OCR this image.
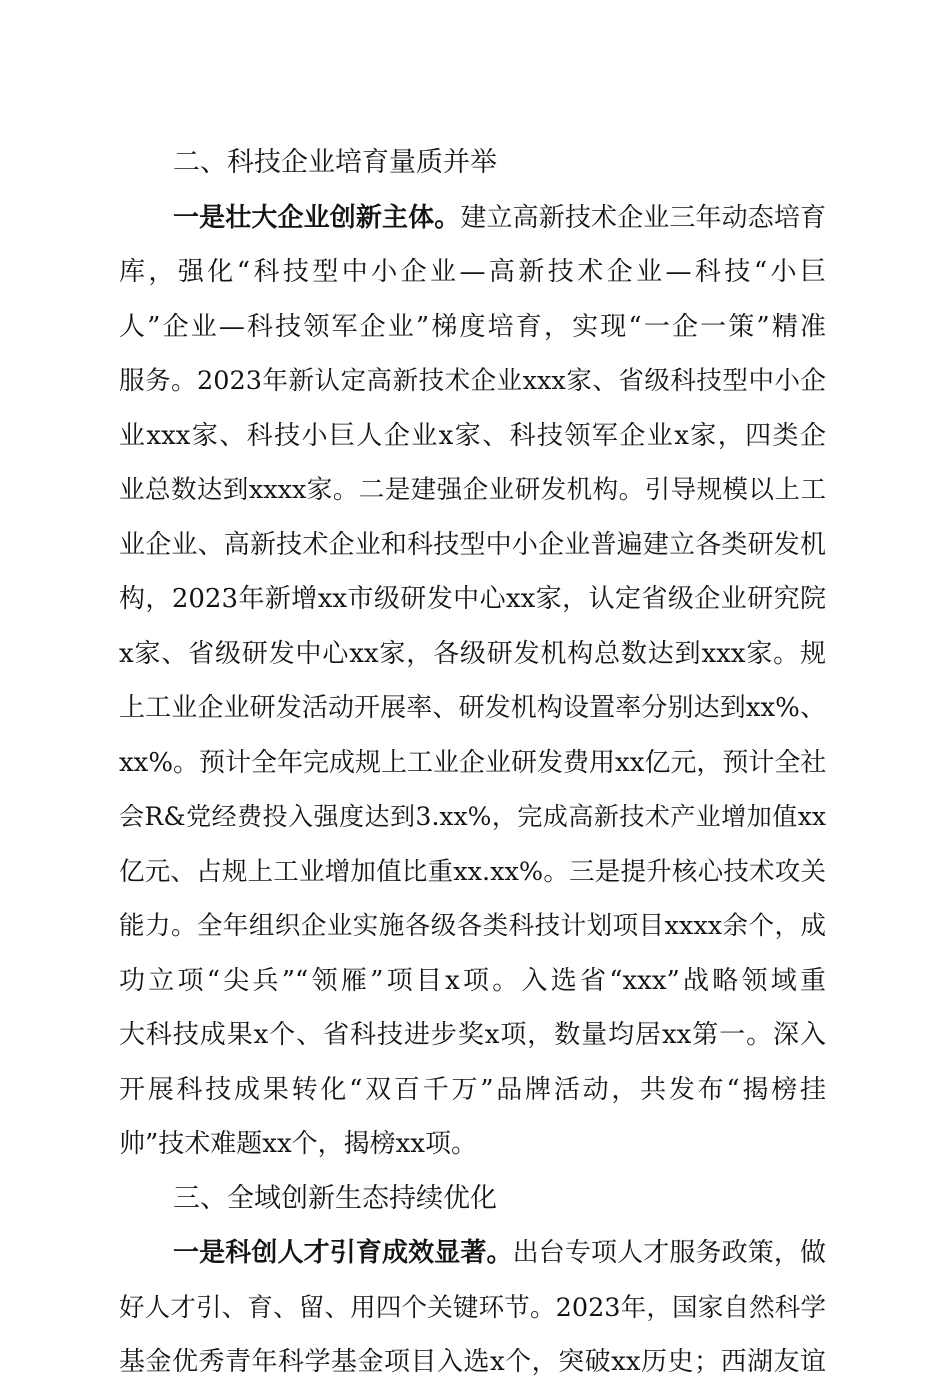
二、科技企业培育量质并举

一是壮大企业创新主体。建立高新技术企业三年动态培育
库，强化“科技型中小企业—高新技术企业—科技“小巨
人”企业—科技领军企业”梯度培育，实现“一企一策”精准
服务。2023年新认定高新技术企业xxx家、省级科技型中小企
业xxx家、科技小巨人企业x家、科技领军企业x家，四类企
业总数达到xxxx家。二是建强企业研发机构。引导规模以上工
业企业、高新技术企业和科技型中小企业普遍建立各类研发机
构，2023年新增xx市级研发中心xx家，认定省级企业研究院
x家、省级研发中心xx家，各级研发机构总数达到xxx家。规
上工业企业研发活动开展率、研发机构设置率分别达到xx%、
xx%。预计全年完成规上工业企业研发费用xx亿元，预计全社
会R&党经费投入强度达到3.xx%，完成高新技术产业增加值xx
亿元、占规上工业增加值比重xx.xx%。三是提升核心技术攻关
能力。全年组织企业实施各级各类科技计划项目xxxx余个，成
功立项“尖兵”“领雁”项目x项。入选省“xxx”战略领域重
大科技成果x个、省科技进步奖x项，数量均居xx第一。深入
开展科技成果转化“双百千万”品牌活动，共发布“揭榜挂
帅”技术难题xx个，揭榜xx项。

三、全域创新生态持续优化

一是科创人才引育成效显著。出台专项人才服务政策，做
好人才引、育、留、用四个关键环节。2023年，国家自然科学
基金优秀青年科学基金项目入选x个，突破xx历史；西湖友谊
